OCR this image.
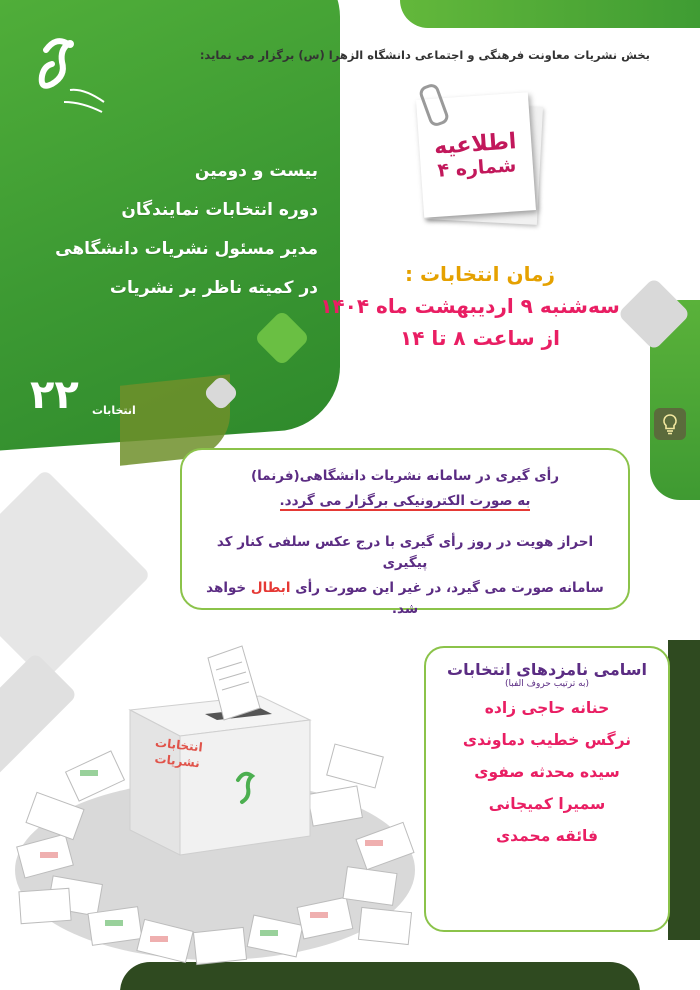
بخش نشریات معاونت فرهنگی و اجتماعی دانشگاه الزهرا (س) برگزار می نماید:
بیست و دومین
دوره انتخابات نمایندگان
مدیر مسئول نشریات دانشگاهی
در کمیته ناظر بر نشریات
۲۲ انتخابات
اطلاعیه
شماره ۴
زمان انتخابات :
سه‌شنبه ۹ اردیبهشت ماه ۱۴۰۴
از ساعت ۸ تا ۱۴

رأی گیری در سامانه نشریات دانشگاهی(فرنما)

به صورت الکترونیکی برگزار می گردد.

احراز هویت در روز رأی گیری با درج عکس سلفی کنار کد پیگیری

سامانه صورت می گیرد، در غیر این صورت رأی ابطال خواهد شد.

انتخابات
نشریات
اسامی نامزدهای انتخابات
(به ترتیب حروف الفبا)
حنانه حاجی زاده
نرگس خطیب دماوندی
سیده محدثه صفوی
سمیرا کمیجانی
فائقه محمدی
